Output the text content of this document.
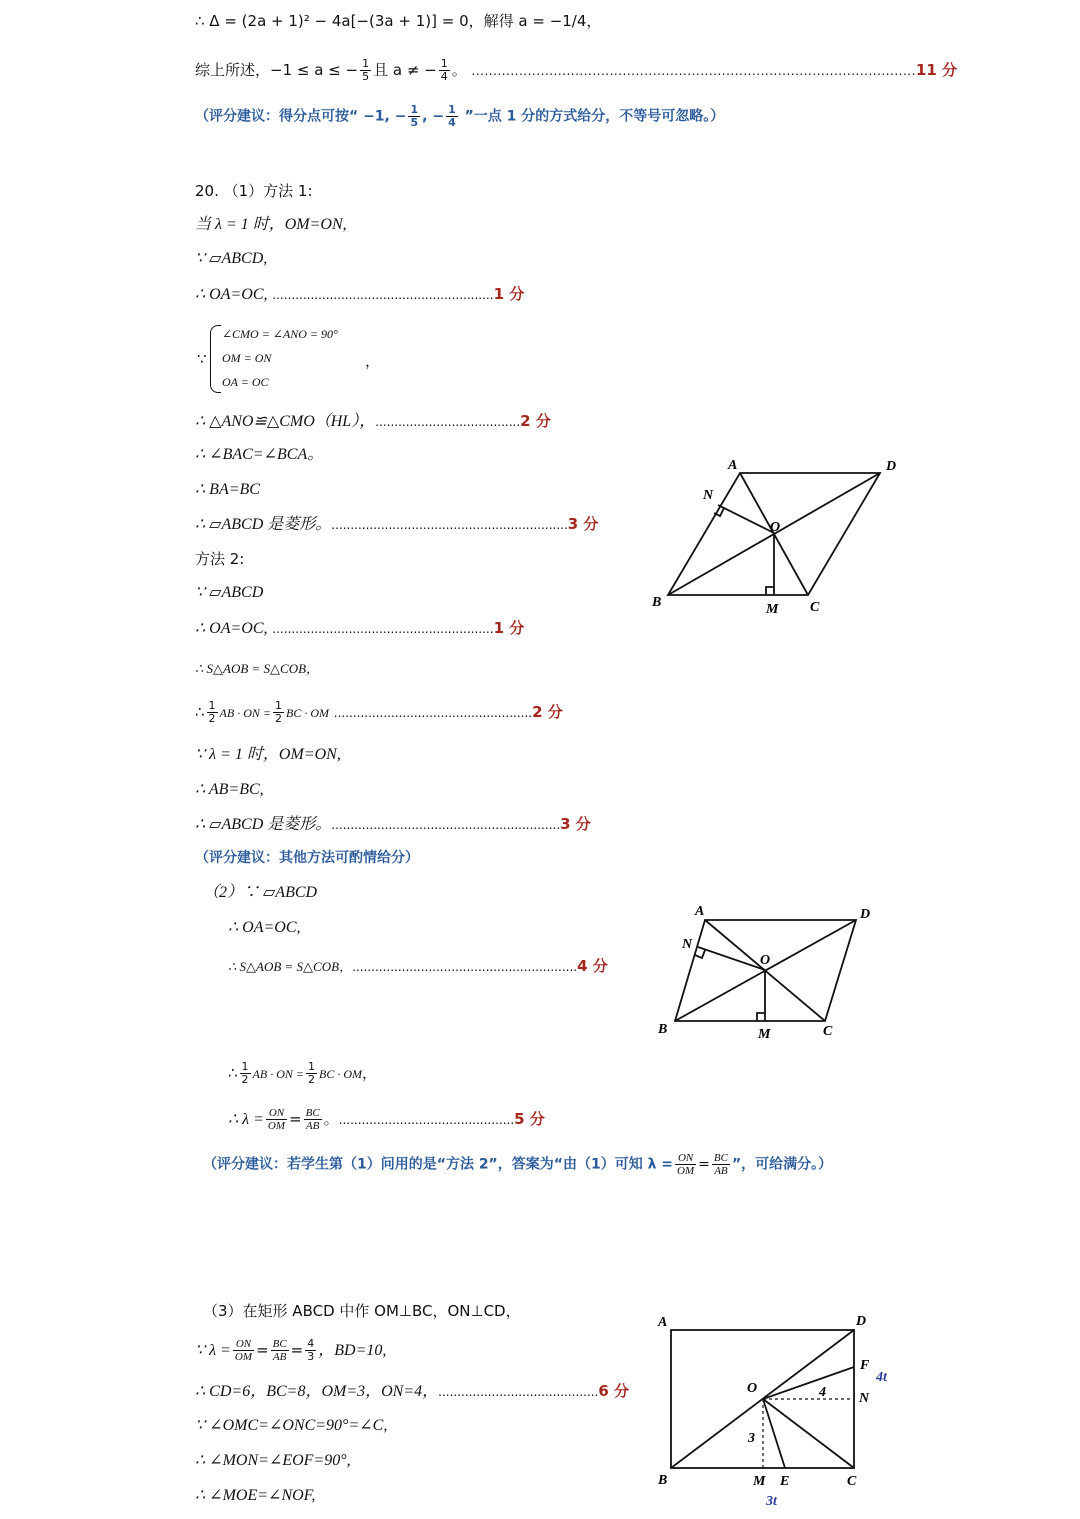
∴ Δ = (2a + 1)² − 4a[−(3a + 1)] = 0，解得 a = −1/4，
综上所述，−1 ≤ a ≤ − $\frac{1}{5}$ 且 a ≠ − $\frac{1}{4}$ 。 .......................................................................................................11 分
（评分建议：得分点可按“ −1, − $\frac{1}{5}$ , − $\frac{1}{4}$ ”一点 1 分的方式给分，不等号可忽略。）
20. （1）方法 1:
当 λ = 1 时，OM=ON,
∵ ▱ABCD,
∴ OA=OC, ..........................................................1 分
∵
∠CMO = ∠ANO = 90°
OM = ON
OA = OC
，
∴ △ANO≌△CMO（HL），......................................2 分
∴ ∠BAC=∠BCA。
∴ BA=BC
∴ ▱ABCD 是菱形。..............................................................3 分
方法 2:
∵ ▱ABCD
∴ OA=OC, ..........................................................1 分
∴ S△AOB = S△COB，
∴ $\frac{1}{2}$ AB · ON = $\frac{1}{2}$ BC · OM ....................................................2 分
∵ λ = 1 时，OM=ON,
∴ AB=BC,
∴ ▱ABCD 是菱形。............................................................3 分
（评分建议：其他方法可酌情给分）
（2）∵ ▱ABCD
∴ OA=OC,
∴ S△AOB = S△COB，...........................................................4 分
∴ $\frac{1}{2}$ AB · ON = $\frac{1}{2}$ BC · OM，
∴ $\lambda = \frac{ON}{OM} = \frac{BC}{AB}$ 。..............................................5 分
（评分建议：若学生第（1）问用的是“方法 2”，答案为“由（1）可知 $\lambda = \frac{ON}{OM} = \frac{BC}{AB}$ ”，可给满分。）
（3）在矩形 ABCD 中作 OM⊥BC，ON⊥CD，
∵ $\lambda = \frac{ON}{OM} = \frac{BC}{AB} = \frac{4}{3}$ ，BD=10,
∴ CD=6，BC=8，OM=3，ON=4，..........................................6 分
∵ ∠OMC=∠ONC=90°=∠C,
∴ ∠MON=∠EOF=90°,
∴ ∠MOE=∠NOF,
A	D
N
O
B	M C
A	D
N
O
B	M	C
A	D
F
4t
O	4 N
3
B	M E	C
3t
